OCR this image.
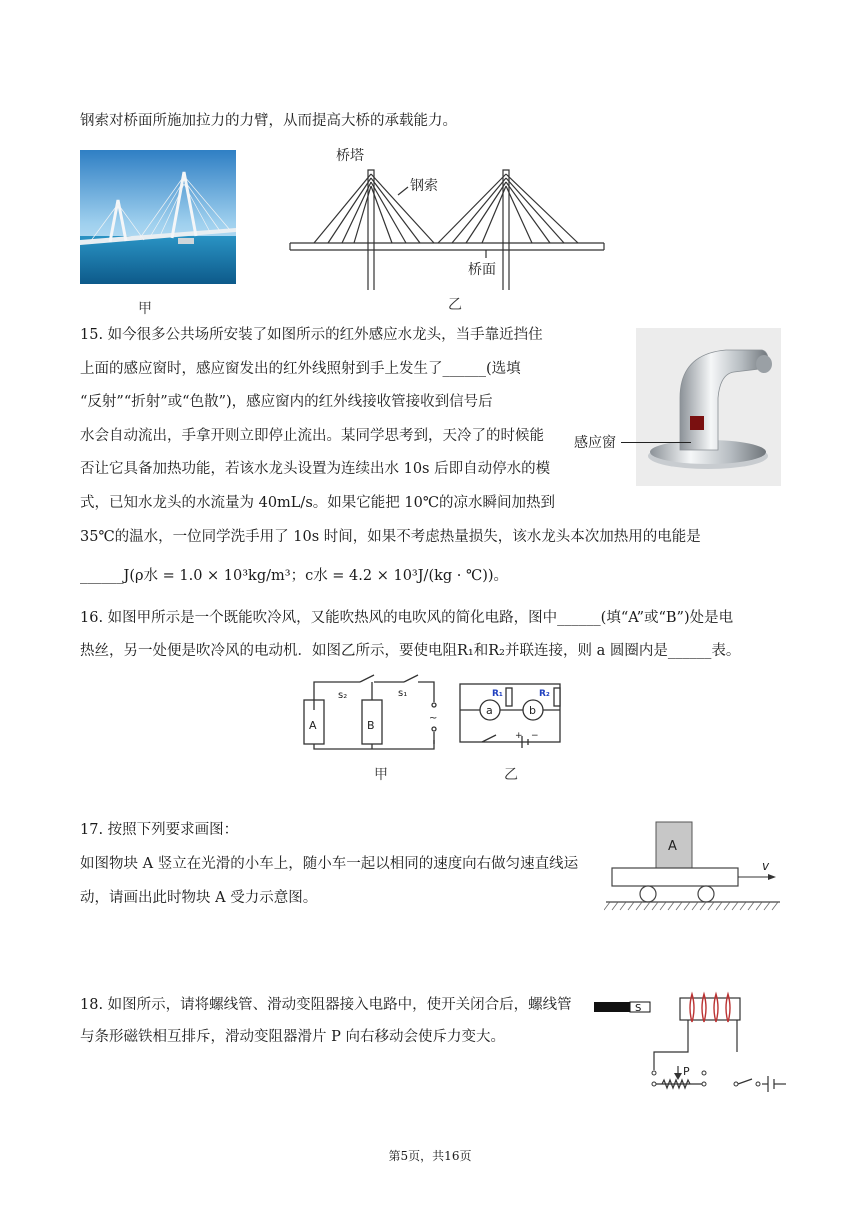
钢索对桥面所施加拉力的力臂，从而提高大桥的承载能力。
甲
桥塔
钢索
桥面
乙
15. 如今很多公共场所安装了如图所示的红外感应水龙头，当手靠近挡住
上面的感应窗时，感应窗发出的红外线照射到手上发生了______(选填
“反射”“折射”或“色散”)，感应窗内的红外线接收管接收到信号后
水会自动流出，手拿开则立即停止流出。某同学思考到，天冷了的时候能
否让它具备加热功能，若该水龙头设置为连续出水 10s 后即自动停水的模
式，已知水龙头的水流量为 40mL/s。如果它能把 10℃的凉水瞬间加热到
35℃的温水，一位同学洗手用了 10s 时间，如果不考虑热量损失，该水龙头本次加热用的电能是
______J(ρ水 = 1.0 × 10³kg/m³；c水 = 4.2 × 10³J/(kg · ℃))。
感应窗
16. 如图甲所示是一个既能吹冷风，又能吹热风的电吹风的简化电路，图中______(填“A”或“B”)处是电
热丝，另一处便是吹冷风的电动机．如图乙所示，要使电阻R₁和R₂并联连接，则 a 圆圈内是______表。
A	B
s₂	s₁
~
R₁	R₂
a	b
+ −
甲	乙
17. 按照下列要求画图：
如图物块 A 竖立在光滑的小车上，随小车一起以相同的速度向右做匀速直线运
动，请画出此时物块 A 受力示意图。
A
v
18. 如图所示，请将螺线管、滑动变阻器接入电路中，使开关闭合后，螺线管
与条形磁铁相互排斥，滑动变阻器滑片 P 向右移动会使斥力变大。
S
P
第5页，共16页
